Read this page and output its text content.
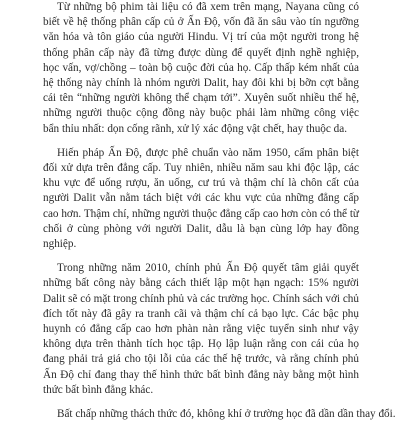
Từ những bộ phim tài liệu có đã xem trên mạng, Nayana cũng có biết về hệ thống phân cấp củ ở Ấn Độ, vốn đã ăn sâu vào tín ngưỡng văn hóa và tôn giáo của người Hindu. Vị trí của một người trong hệ thống phân cấp này đã từng được dùng để quyết định nghề nghiệp, học vấn, vợ/chồng – toàn bộ cuộc đời của họ. Cấp thấp kém nhất của hệ thống này chính là nhóm người Dalit, hay đôi khi bị bỡn cợt bằng cái tên “những người không thể chạm tới”. Xuyên suốt nhiều thế hệ, những người thuộc cộng đồng này buộc phải làm những công việc bẩn thỉu nhất: dọn cống rãnh, xử lý xác động vật chết, hay thuộc da.

Hiến pháp Ấn Độ, được phê chuẩn vào năm 1950, cấm phân biệt đối xử dựa trên đẳng cấp. Tuy nhiên, nhiều năm sau khi độc lập, các khu vực để uống rượu, ăn uống, cư trú và thậm chí là chôn cất của người Dalit vẫn nằm tách biệt với các khu vực của những đẳng cấp cao hơn. Thậm chí, những người thuộc đẳng cấp cao hơn còn có thể từ chối ở cùng phòng với người Dalit, dẫu là bạn cùng lớp hay đồng nghiệp.

Trong những năm 2010, chính phủ Ấn Độ quyết tâm giải quyết những bất công này bằng cách thiết lập một hạn ngạch: 15% người Dalit sẽ có mặt trong chính phủ và các trường học. Chính sách với chủ đích tốt này đã gây ra tranh cãi và thậm chí cả bạo lực. Các bậc phụ huynh có đẳng cấp cao hơn phàn nàn rằng việc tuyển sinh như vậy không dựa trên thành tích học tập. Họ lập luận rằng con cái của họ đang phải trả giá cho tội lỗi của các thế hệ trước, và rằng chính phủ Ấn Độ chỉ đang thay thế hình thức bất bình đẳng này bằng một hình thức bất bình đẳng khác.

Bất chấp những thách thức đó, không khí ở trường học đã dần dần thay đổi.
